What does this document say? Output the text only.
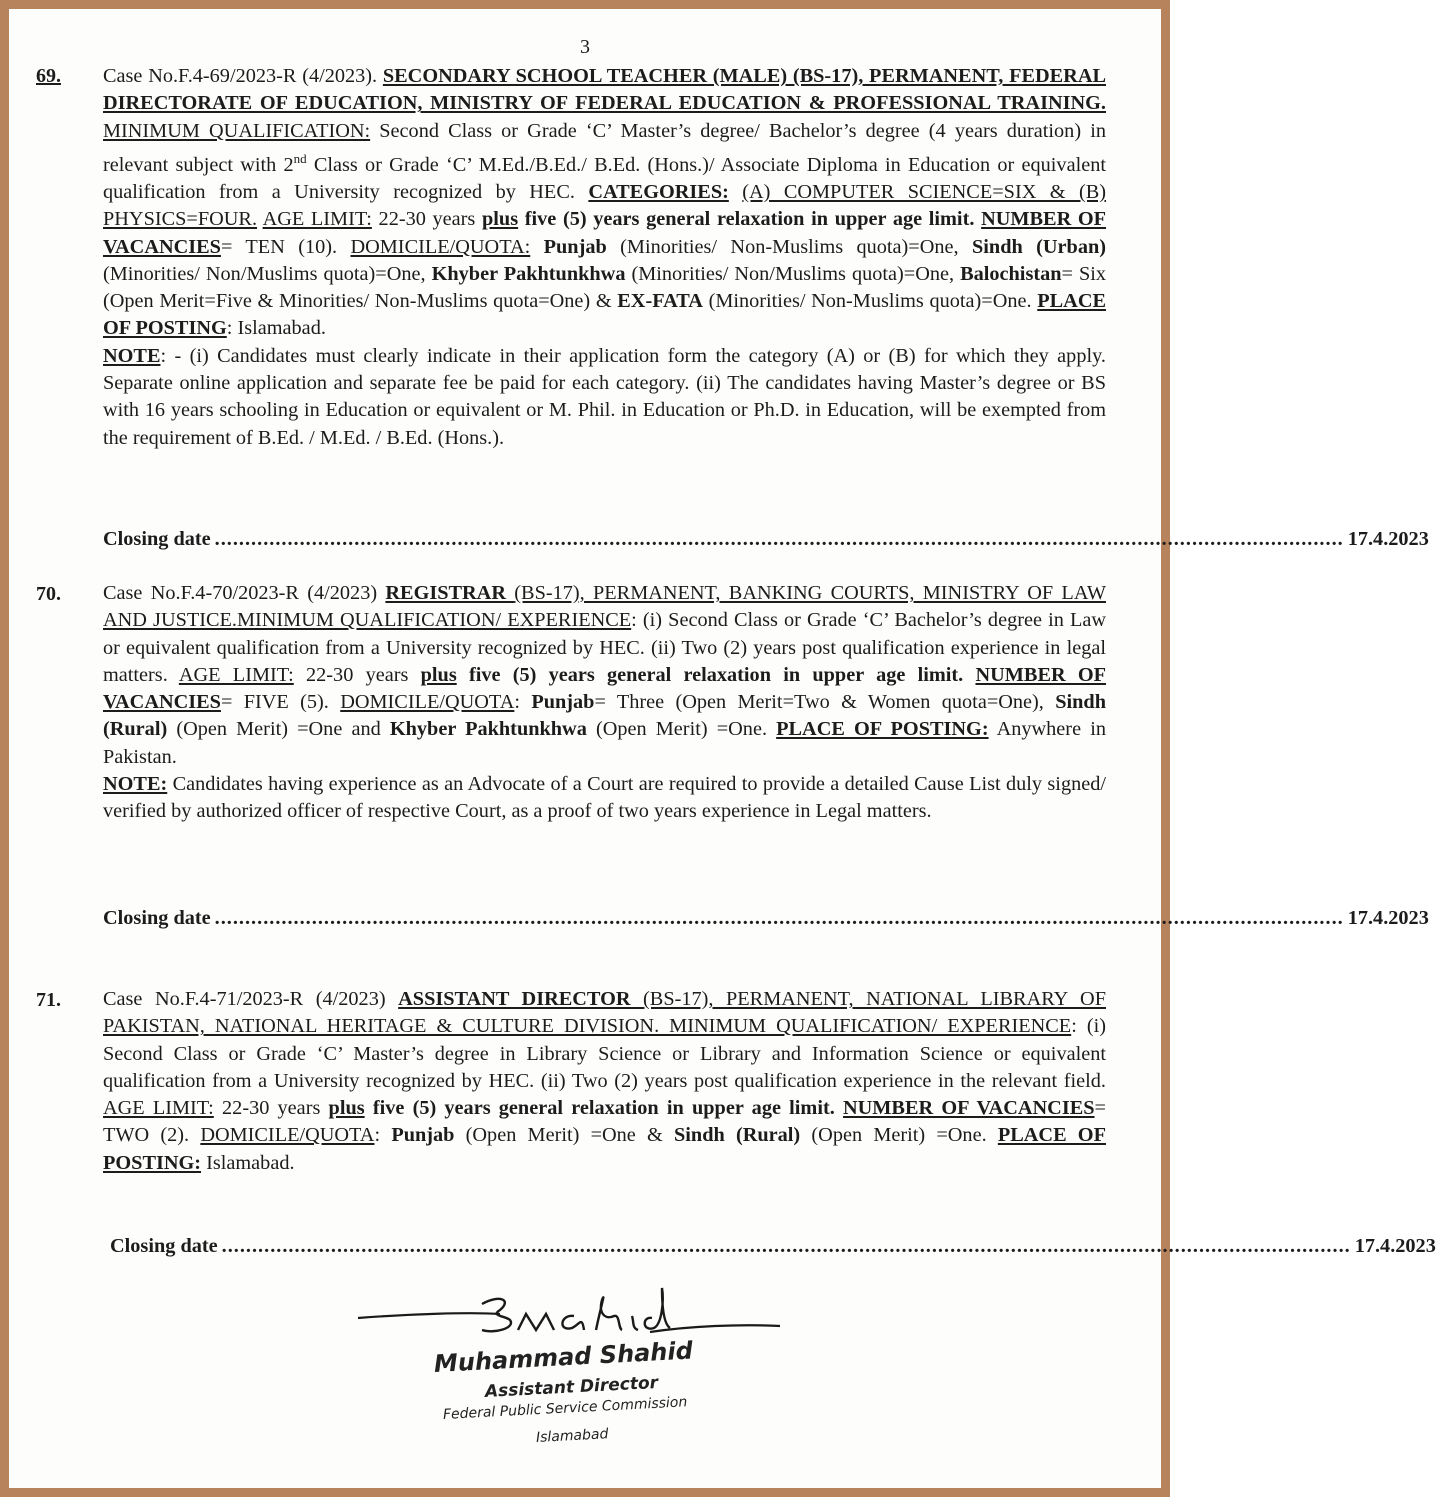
3
69. Case No.F.4-69/2023-R (4/2023). SECONDARY SCHOOL TEACHER (MALE) (BS-17), PERMANENT, FEDERAL DIRECTORATE OF EDUCATION, MINISTRY OF FEDERAL EDUCATION & PROFESSIONAL TRAINING. MINIMUM QUALIFICATION: Second Class or Grade ‘C’ Master’s degree/ Bachelor’s degree (4 years duration) in relevant subject with 2nd Class or Grade ‘C’ M.Ed./B.Ed./ B.Ed. (Hons.)/ Associate Diploma in Education or equivalent qualification from a University recognized by HEC. CATEGORIES: (A) COMPUTER SCIENCE=SIX & (B) PHYSICS=FOUR. AGE LIMIT: 22-30 years plus five (5) years general relaxation in upper age limit. NUMBER OF VACANCIES= TEN (10). DOMICILE/QUOTA: Punjab (Minorities/ Non-Muslims quota)=One, Sindh (Urban) (Minorities/ Non/Muslims quota)=One, Khyber Pakhtunkhwa (Minorities/ Non/Muslims quota)=One, Balochistan= Six (Open Merit=Five & Minorities/ Non-Muslims quota=One) & EX-FATA (Minorities/ Non-Muslims quota)=One. PLACE OF POSTING: Islamabad.
NOTE: - (i) Candidates must clearly indicate in their application form the category (A) or (B) for which they apply. Separate online application and separate fee be paid for each category. (ii) The candidates having Master’s degree or BS with 16 years schooling in Education or equivalent or M. Phil. in Education or Ph.D. in Education, will be exempted from the requirement of B.Ed. / M.Ed. / B.Ed. (Hons.).
Closing date .......................................................................................................................................................................................... 17.4.2023
70. Case No.F.4-70/2023-R (4/2023) REGISTRAR (BS-17), PERMANENT, BANKING COURTS, MINISTRY OF LAW AND JUSTICE.MINIMUM QUALIFICATION/ EXPERIENCE: (i) Second Class or Grade ‘C’ Bachelor’s degree in Law or equivalent qualification from a University recognized by HEC. (ii) Two (2) years post qualification experience in legal matters. AGE LIMIT: 22-30 years plus five (5) years general relaxation in upper age limit. NUMBER OF VACANCIES= FIVE (5). DOMICILE/QUOTA: Punjab= Three (Open Merit=Two & Women quota=One), Sindh (Rural) (Open Merit) =One and Khyber Pakhtunkhwa (Open Merit) =One. PLACE OF POSTING: Anywhere in Pakistan.
NOTE: Candidates having experience as an Advocate of a Court are required to provide a detailed Cause List duly signed/ verified by authorized officer of respective Court, as a proof of two years experience in Legal matters.
Closing date .......................................................................................................................................................................................... 17.4.2023
71. Case No.F.4-71/2023-R (4/2023) ASSISTANT DIRECTOR (BS-17), PERMANENT, NATIONAL LIBRARY OF PAKISTAN, NATIONAL HERITAGE & CULTURE DIVISION. MINIMUM QUALIFICATION/ EXPERIENCE: (i) Second Class or Grade ‘C’ Master’s degree in Library Science or Library and Information Science or equivalent qualification from a University recognized by HEC. (ii) Two (2) years post qualification experience in the relevant field. AGE LIMIT: 22-30 years plus five (5) years general relaxation in upper age limit. NUMBER OF VACANCIES= TWO (2). DOMICILE/QUOTA: Punjab (Open Merit) =One & Sindh (Rural) (Open Merit) =One. PLACE OF POSTING: Islamabad.
Closing date .......................................................................................................................................................................................... 17.4.2023
Shahid
Muhammad Shahid
Assistant Director
Federal Public Service Commission
Islamabad
